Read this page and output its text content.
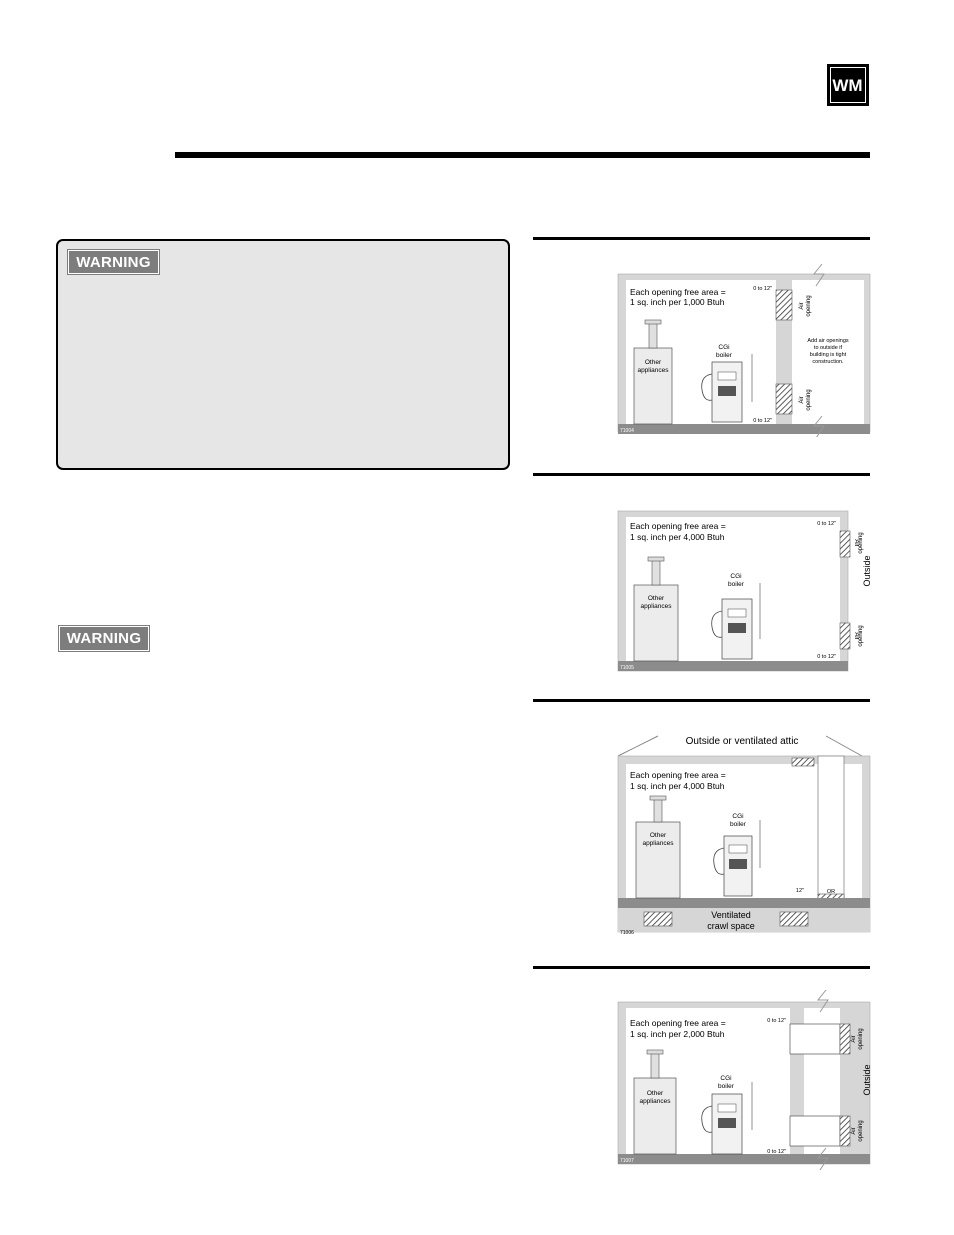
WM
WARNING
WARNING
Each opening free area =
1 sq. inch per 1,000 Btuh
Other
appliances
CGi
boiler
0 to 12"
0 to 12"
Air opening
Air opening
Add air openings
to outside if
building is tight
construction.
71004
Each opening free area =
1 sq. inch per 4,000 Btuh
Other
appliances
CGi
boiler
0 to 12"
0 to 12"
Air opening
Air opening
Outside
71005
Outside or ventilated attic
Each opening free area =
1 sq. inch per 4,000 Btuh
Other
appliances
CGi
boiler
12"	OR
Ventilated
crawl space
71006
Each opening free area =
1 sq. inch per 2,000 Btuh
Other
appliances
CGi
boiler
0 to 12"
0 to 12"
Air opening
Air opening
Outside
71007
